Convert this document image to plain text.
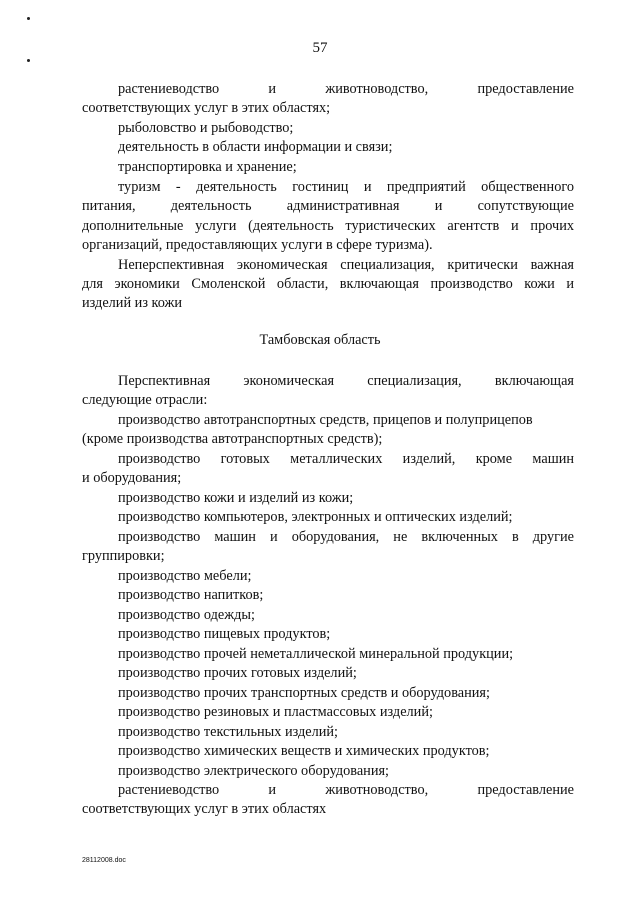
57
растениеводство и животноводство, предоставление
соответствующих услуг в этих областях;
рыболовство и рыбоводство;
деятельность в области информации и связи;
транспортировка и хранение;
туризм - деятельность гостиниц и предприятий общественного
питания, деятельность административная и сопутствующие
дополнительные услуги (деятельность туристических агентств и прочих
организаций, предоставляющих услуги в сфере туризма).
Неперспективная экономическая специализация, критически важная
для экономики Смоленской области, включающая производство кожи и
изделий из кожи
Тамбовская область
Перспективная экономическая специализация, включающая
следующие отрасли:
производство автотранспортных средств, прицепов и полуприцепов
(кроме производства автотранспортных средств);
производство готовых металлических изделий, кроме машин
и оборудования;
производство кожи и изделий из кожи;
производство компьютеров, электронных и оптических изделий;
производство машин и оборудования, не включенных в другие
группировки;
производство мебели;
производство напитков;
производство одежды;
производство пищевых продуктов;
производство прочей неметаллической минеральной продукции;
производство прочих готовых изделий;
производство прочих транспортных средств и оборудования;
производство резиновых и пластмассовых изделий;
производство текстильных изделий;
производство химических веществ и химических продуктов;
производство электрического оборудования;
растениеводство и животноводство, предоставление
соответствующих услуг в этих областях
28112008.doc
